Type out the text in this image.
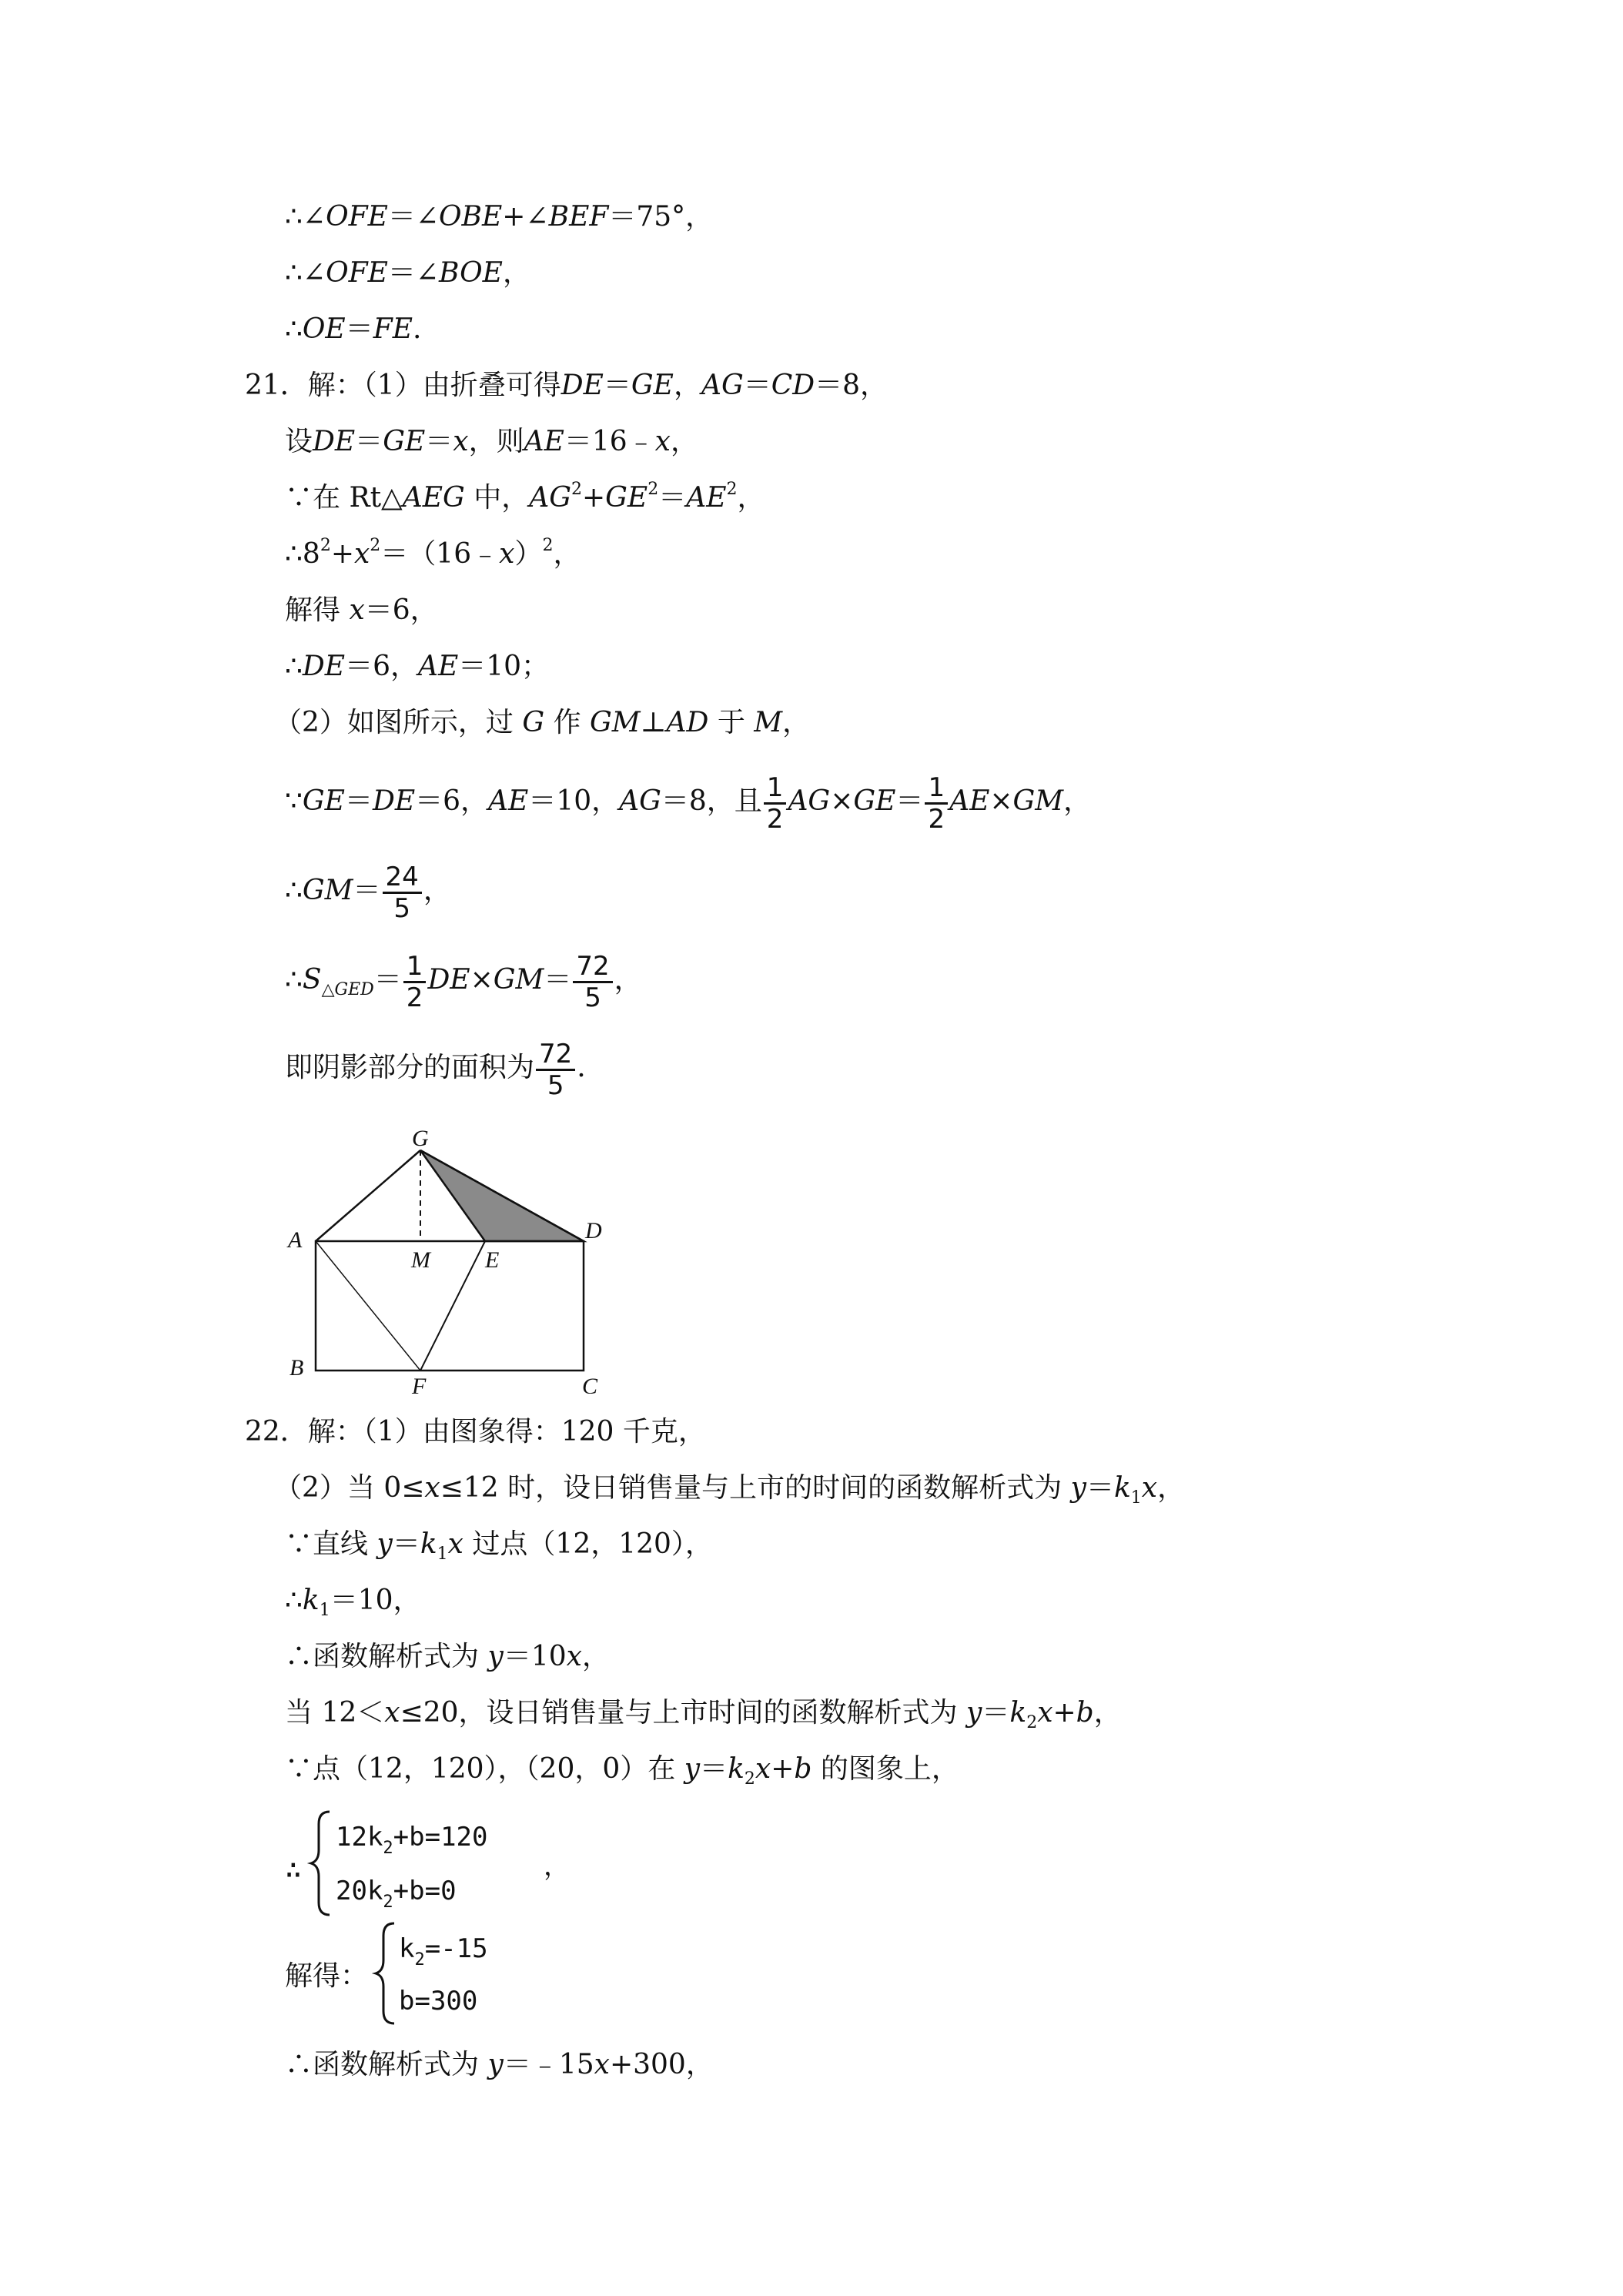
∴∠OFE＝∠OBE+∠BEF＝75°，
∴∠OFE＝∠BOE，
∴OE＝FE.
21．解：（1）由折叠可得DE＝GE，AG＝CD＝8，
设DE＝GE＝x，则AE＝16﹣x，
∵在 Rt△AEG 中，$AG^2+GE^2=AE^2$，
$\therefore 8^2+x^2=(16﹣x)^2$，
解得 x＝6，
∴DE＝6，AE＝10；
（2）如图所示，过 G 作 GM⊥AD 于 M，
∵GE＝DE＝6，AE＝10，AG＝8，且 $\frac{1}{2} AG\times GE= \frac{1}{2} AE\times GM$，
∴GM＝ $\frac{24}{5}$ ，
$\therefore S_{\triangle GED}= \frac{1}{2} DE\times GM= \frac{72}{5}$ ，
即阴影部分的面积为 $\frac{72}{5}$ .
G
A
M E
D
B
F	C
22．解：（1）由图象得：120 千克，
（2）当 0≤x≤12 时，设日销售量与上市的时间的函数解析式为 $y=k_1x$，
∵直线 $y=k_1x$ 过点（12，120），
$\therefore k_1=10$，
∴函数解析式为 y＝10x，
当 12＜x≤20，设日销售量与上市时间的函数解析式为 $y=k_2x+b$，
∵点（12，120），（20，0）在 $y=k_2x+b$ 的图象上，
∴
$12k_2+b=120$
$20k_2+b=0$
，
解得：
$k_2=-15$
b=300
∴函数解析式为 y＝﹣15x+300，
